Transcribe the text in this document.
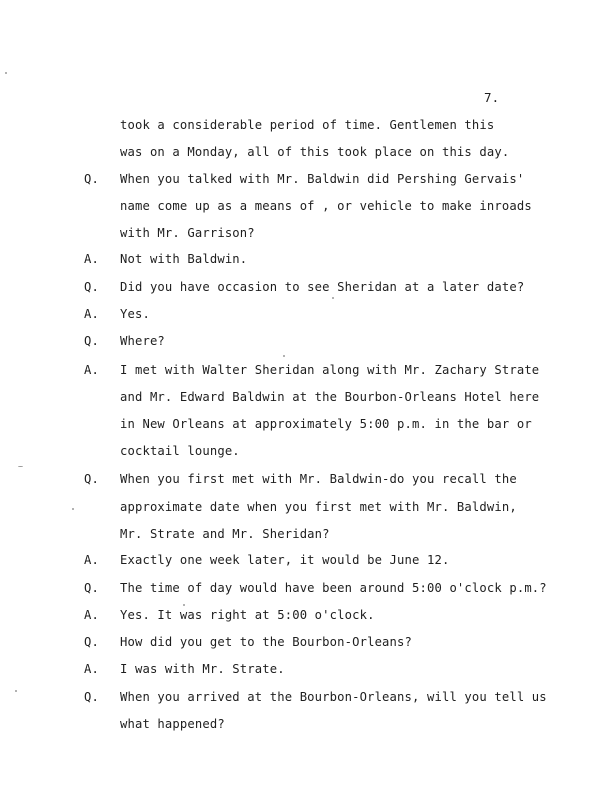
7.
took a considerable period of time. Gentlemen this
was on a Monday, all of this took place on this day.
Q. When you talked with Mr. Baldwin did Pershing Gervais'
name come up as a means of , or vehicle to make inroads
with Mr. Garrison?
A. Not with Baldwin.
Q. Did you have occasion to see Sheridan at a later date?
A. Yes.
Q. Where?
A. I met with Walter Sheridan along with Mr. Zachary Strate
and Mr. Edward Baldwin at the Bourbon-Orleans Hotel here
in New Orleans at approximately 5:00 p.m. in the bar or
cocktail lounge.
Q. When you first met with Mr. Baldwin-do you recall the
approximate date when you first met with Mr. Baldwin,
Mr. Strate and Mr. Sheridan?
A. Exactly one week later, it would be June 12.
Q. The time of day would have been around 5:00 o'clock p.m.?
A. Yes. It was right at 5:00 o'clock.
Q. How did you get to the Bourbon-Orleans?
A. I was with Mr. Strate.
Q. When you arrived at the Bourbon-Orleans, will you tell us
what happened?
